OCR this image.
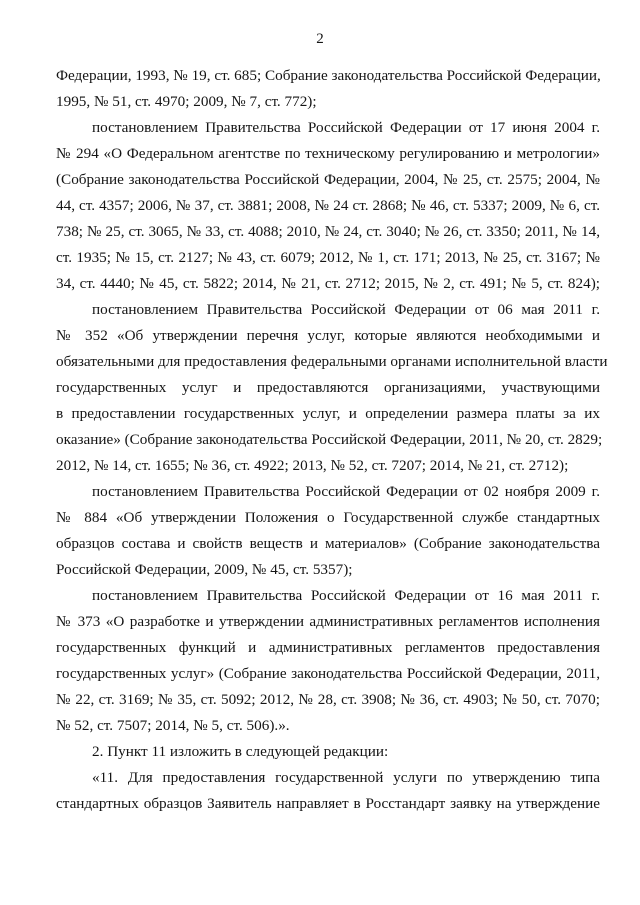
2
Федерации, 1993, № 19, ст. 685; Собрание законодательства Российской Федерации,
1995, № 51, ст. 4970; 2009, № 7, ст. 772);
постановлением Правительства Российской Федерации от 17 июня 2004 г.
№ 294 «О Федеральном агентстве по техническому регулированию и метрологии»
(Собрание законодательства Российской Федерации, 2004, № 25, ст. 2575; 2004, №
44, ст. 4357; 2006, № 37, ст. 3881; 2008, № 24 ст. 2868; № 46, ст. 5337; 2009, № 6, ст.
738; № 25, ст. 3065, № 33, ст. 4088; 2010, № 24, ст. 3040; № 26, ст. 3350; 2011, № 14,
ст. 1935; № 15, ст. 2127; № 43, ст. 6079; 2012, № 1, ст. 171; 2013, № 25, ст. 3167; №
34, ст. 4440; № 45, ст. 5822; 2014, № 21, ст. 2712; 2015, № 2, ст. 491; № 5, ст. 824);
постановлением Правительства Российской Федерации от 06 мая 2011 г.
№ 352 «Об утверждении перечня услуг, которые являются необходимыми и
обязательными для предоставления федеральными органами исполнительной власти
государственных услуг и предоставляются организациями, участвующими
в предоставлении государственных услуг, и определении размера платы за их
оказание» (Собрание законодательства Российской Федерации, 2011, № 20, ст. 2829;
2012, № 14, ст. 1655; № 36, ст. 4922; 2013, № 52, ст. 7207; 2014, № 21, ст. 2712);
постановлением Правительства Российской Федерации от 02 ноября 2009 г.
№ 884 «Об утверждении Положения о Государственной службе стандартных
образцов состава и свойств веществ и материалов» (Собрание законодательства
Российской Федерации, 2009, № 45, ст. 5357);
постановлением Правительства Российской Федерации от 16 мая 2011 г.
№ 373 «О разработке и утверждении административных регламентов исполнения
государственных функций и административных регламентов предоставления
государственных услуг» (Собрание законодательства Российской Федерации, 2011,
№ 22, ст. 3169; № 35, ст. 5092; 2012, № 28, ст. 3908; № 36, ст. 4903; № 50, ст. 7070;
№ 52, ст. 7507; 2014, № 5, ст. 506).».
2. Пункт 11 изложить в следующей редакции:
«11. Для предоставления государственной услуги по утверждению типа
стандартных образцов Заявитель направляет в Росстандарт заявку на утверждение
